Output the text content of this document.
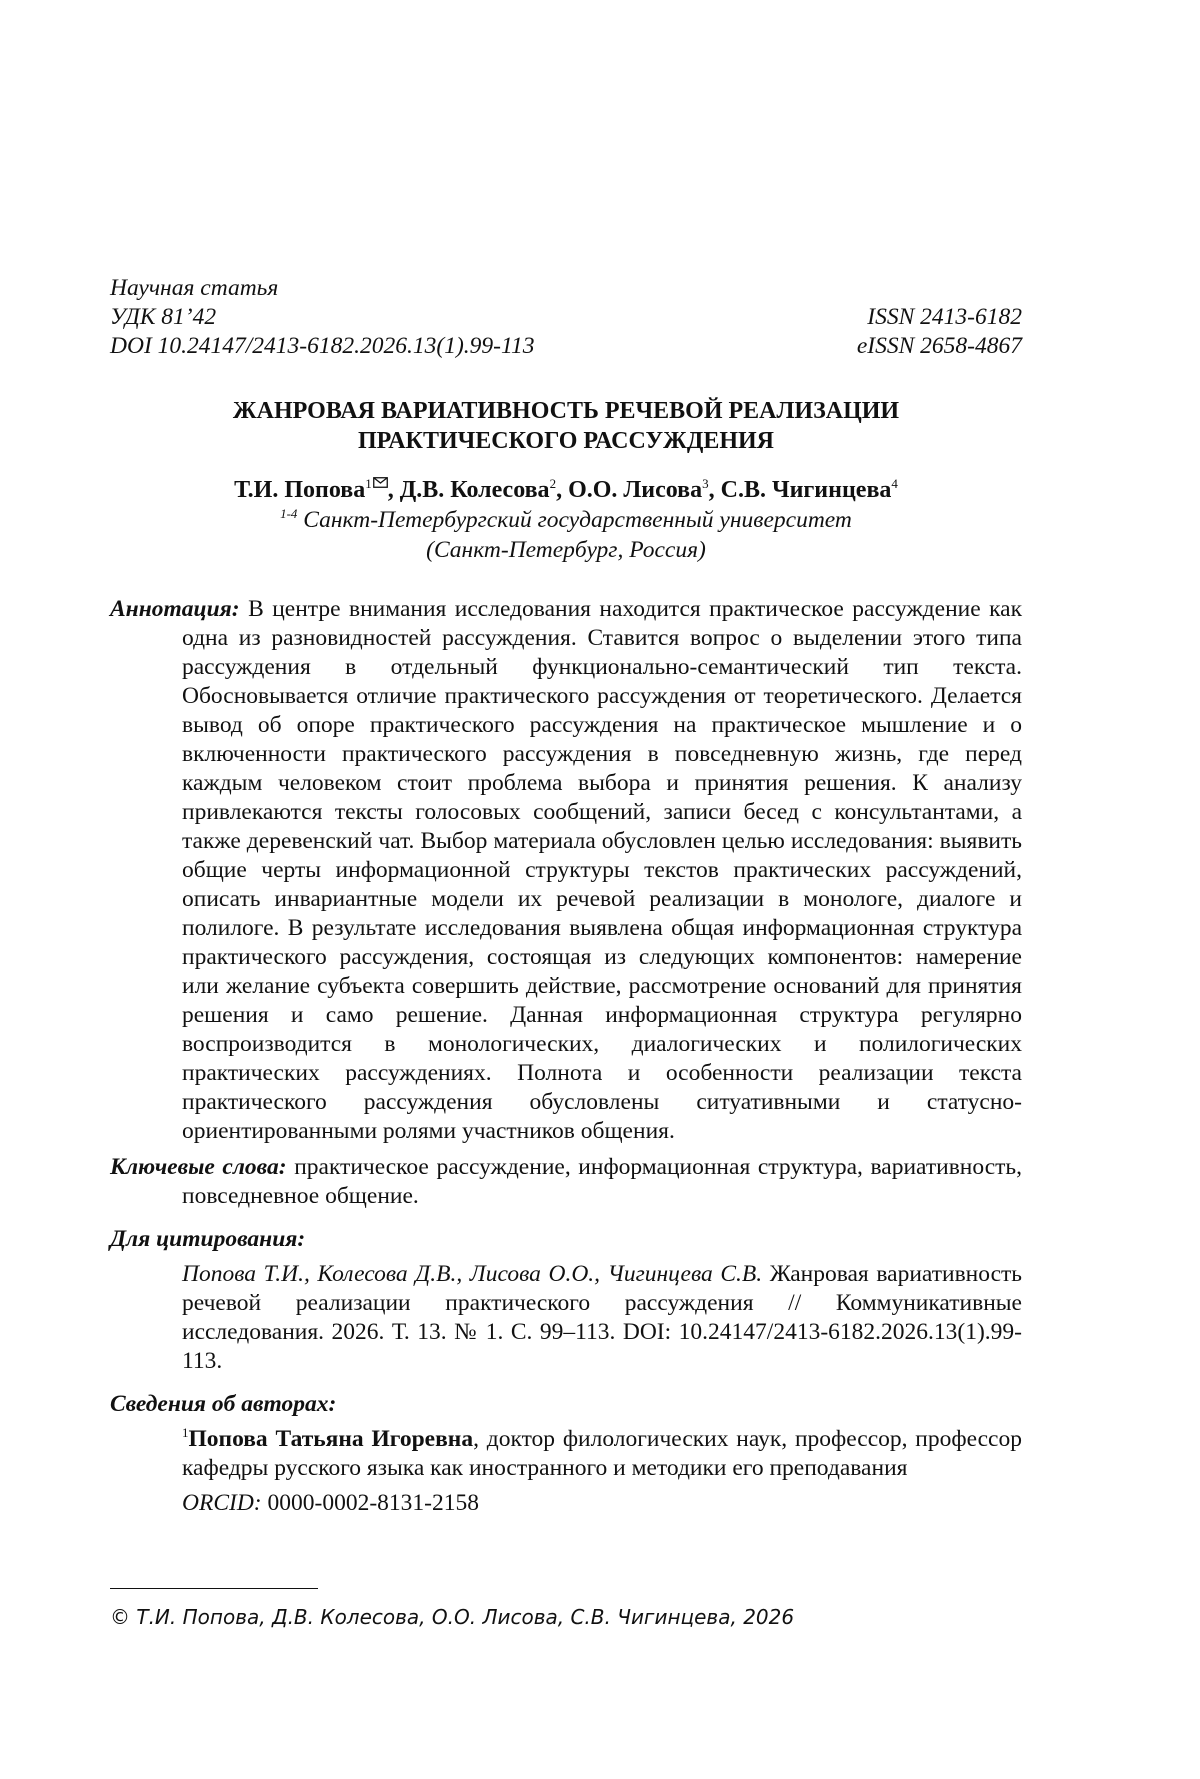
Научная статья
УДК 81’42	ISSN 2413-6182
DOI 10.24147/2413-6182.2026.13(1).99-113	eISSN 2658-4867
ЖАНРОВАЯ ВАРИАТИВНОСТЬ РЕЧЕВОЙ РЕАЛИЗАЦИИ
ПРАКТИЧЕСКОГО РАССУЖДЕНИЯ
Т.И. Попова$^1$ , Д.В. Колесова$^2$, О.О. Лисова$^3$, С.В. Чигинцева$^4$
$^{1-4}$ Санкт-Петербургский государственный университет
(Санкт-Петербург, Россия)
Аннотация: В центре внимания исследования находится практическое рассуждение как одна из разновидностей рассуждения. Ставится вопрос о выделении этого типа рассуждения в отдельный функционально-семантический тип текста. Обосновывается отличие практического рассуждения от теоретического. Делается вывод об опоре практического рассуждения на практическое мышление и о включенности практического рассуждения в повседневную жизнь, где перед каждым человеком стоит проблема выбора и принятия решения. К анализу привлекаются тексты голосовых сообщений, записи бесед с консультантами, а также деревенский чат. Выбор материала обусловлен целью исследования: выявить общие черты информационной структуры текстов практических рассуждений, описать инвариантные модели их речевой реализации в монологе, диалоге и полилоге. В результате исследования выявлена общая информационная структура практического рассуждения, состоящая из следующих компонентов: намерение или желание субъекта совершить действие, рассмотрение оснований для принятия решения и само решение. Данная информационная структура регулярно воспроизводится в монологических, диалогических и полилогических практических рассуждениях. Полнота и особенности реализации текста практического рассуждения обусловлены ситуативными и статусно-ориентированными ролями участников общения.
Ключевые слова: практическое рассуждение, информационная структура, вариативность, повседневное общение.
Для цитирования:
Попова Т.И., Колесова Д.В., Лисова О.О., Чигинцева С.В. Жанровая вариативность речевой реализации практического рассуждения // Коммуникативные исследования. 2026. Т. 13. № 1. С. 99–113. DOI: 10.24147/2413-6182.2026.13(1).99-113.
Сведения об авторах:
$^1$Попова Татьяна Игоревна, доктор филологических наук, профессор, профессор кафедры русского языка как иностранного и методики его преподавания
ORCID: 0000-0002-8131-2158
© Т.И. Попова, Д.В. Колесова, О.О. Лисова, С.В. Чигинцева, 2026
